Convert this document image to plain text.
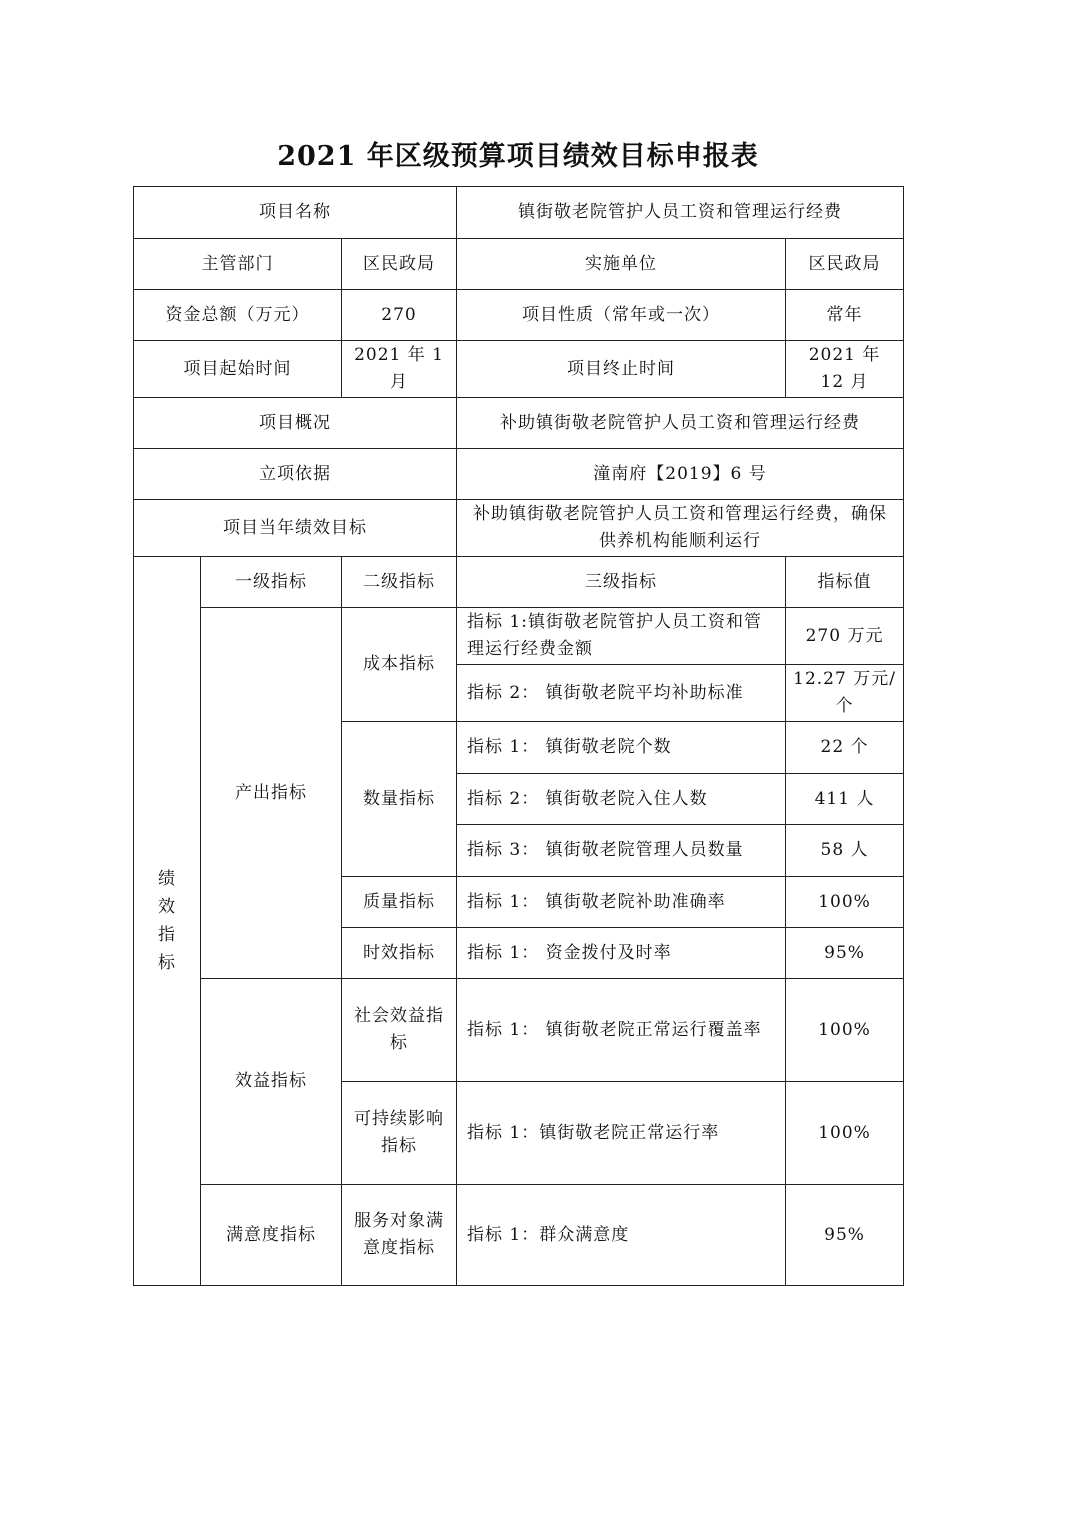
2021 年区级预算项目绩效目标申报表
项目名称			镇街敬老院管护人员工资和管理运行经费	
主管部门		区民政局	实施单位	区民政局
资金总额（万元）		270	项目性质（常年或一次）	常年
项目起始时间		2021 年 1 月	项目终止时间	2021 年 12 月
项目概况			补助镇街敬老院管护人员工资和管理运行经费	
立项依据			潼南府【2019】6 号	
项目当年绩效目标			补助镇街敬老院管护人员工资和管理运行经费，确保供养机构能顺利运行	

绩效指标	一级指标	二级指标	三级指标	指标值
	产出指标	成本指标	指标 1:镇街敬老院管护人员工资和管理运行经费金额	270 万元
			指标 2： 镇街敬老院平均补助标准	12.27 万元/个
		数量指标	指标 1： 镇街敬老院个数	22 个
			指标 2： 镇街敬老院入住人数	411 人
			指标 3： 镇街敬老院管理人员数量	58 人
		质量指标	指标 1： 镇街敬老院补助准确率	100%
		时效指标	指标 1： 资金拨付及时率	95%
	效益指标	社会效益指标	指标 1： 镇街敬老院正常运行覆盖率	100%
		可持续影响指标	指标 1：镇街敬老院正常运行率	100%
	满意度指标	服务对象满意度指标	指标 1：群众满意度	95%
